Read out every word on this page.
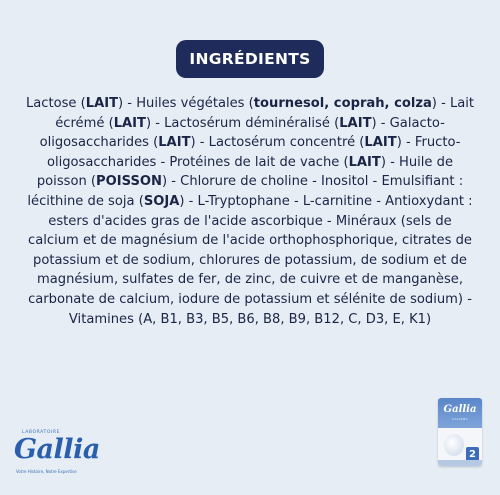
INGRÉDIENTS
Lactose (LAIT) - Huiles végétales (tournesol, coprah, colza) - Lait écrémé (LAIT) - Lactosérum déminéralisé (LAIT) - Galacto-oligosaccharides (LAIT) - Lactosérum concentré (LAIT) - Fructo-oligosaccharides - Protéines de lait de vache (LAIT) - Huile de poisson (POISSON) - Chlorure de choline - Inositol - Emulsifiant : lécithine de soja (SOJA) - L-Tryptophane - L-carnitine - Antioxydant : esters d'acides gras de l'acide ascorbique - Minéraux (sels de calcium et de magnésium de l'acide orthophosphorique, citrates de potassium et de sodium, chlorures de potassium, de sodium et de magnésium, sulfates de fer, de zinc, de cuivre et de manganèse, carbonate de calcium, iodure de potassium et sélénite de sodium) - Vitamines (A, B1, B3, B5, B6, B8, B9, B12, C, D3, E, K1)
LABORATOIRE
Gallia
Votre Histoire, Notre Expertise
Gallia
CALISMA
2
